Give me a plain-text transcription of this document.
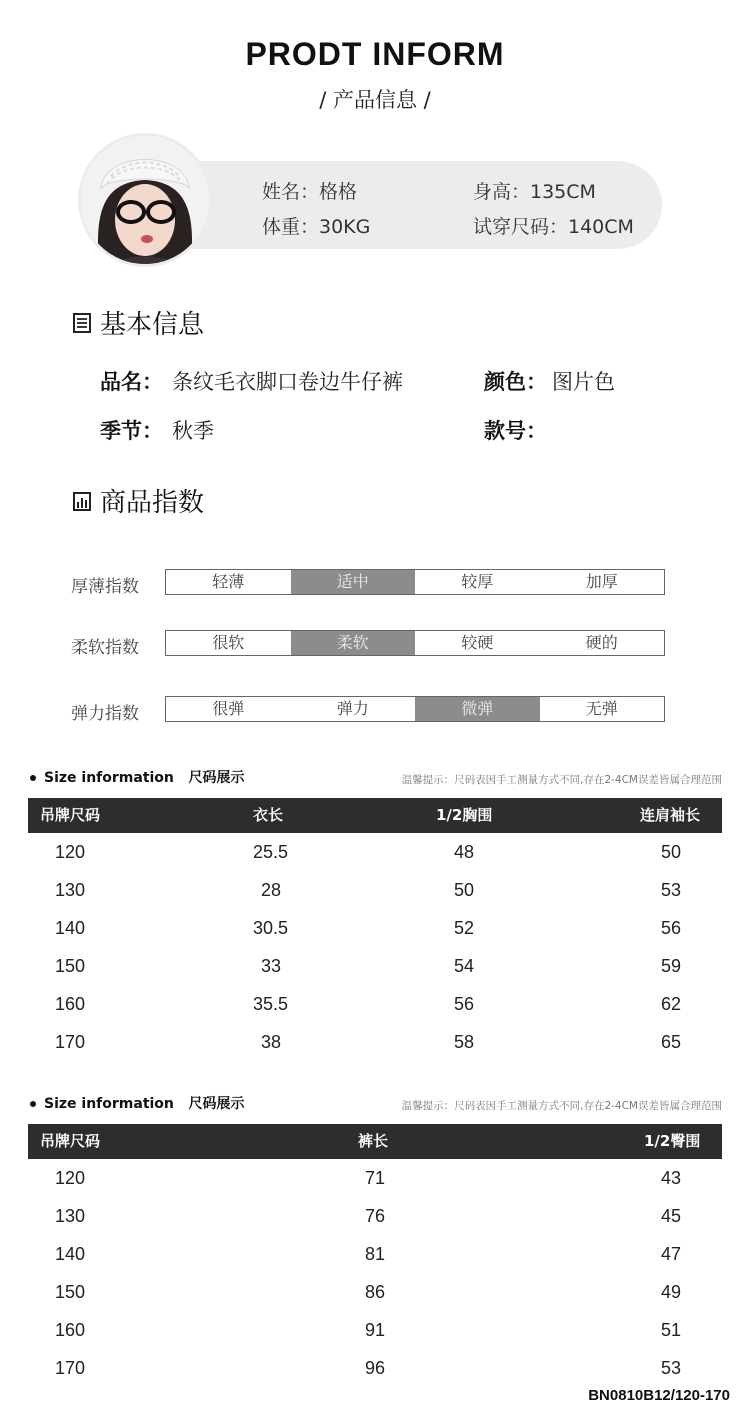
PRODT INFORM
/ 产品信息 /
姓名：格格	身高：135CM
体重：30KG	试穿尺码：140CM
基本信息
品名： 条纹毛衣脚口卷边牛仔裤	颜色： 图片色
季节： 秋季	款号：
商品指数
厚薄指数	轻薄	适中	较厚	加厚
柔软指数	很软	柔软	较硬	硬的
弹力指数	很弹	弹力	微弹	无弹
Size information 尺码展示	温馨提示：尺码表因手工测量方式不同,存在2-4CM误差皆属合理范围
吊牌尺码	衣长	1/2胸围	连肩袖长
120	25.5	48	50
130	28	50	53
140	30.5	52	56
150	33	54	59
160	35.5	56	62
170	38	58	65
Size information 尺码展示	温馨提示：尺码表因手工测量方式不同,存在2-4CM误差皆属合理范围
吊牌尺码	裤长	1/2臀围
120	71	43
130	76	45
140	81	47
150	86	49
160	91	51
170	96	53
BN0810B12/120-170
